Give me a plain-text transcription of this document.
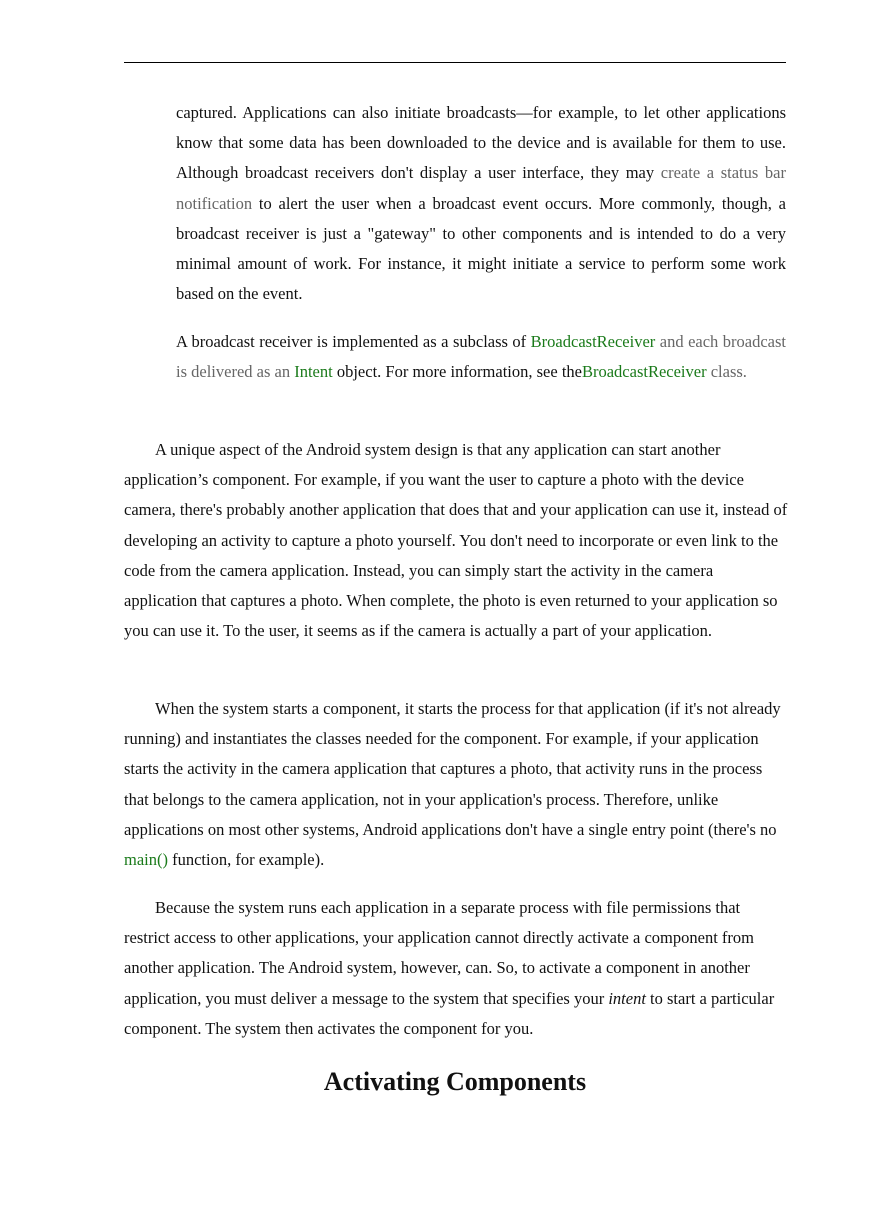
captured. Applications can also initiate broadcasts—for example, to let other applications know that some data has been downloaded to the device and is available for them to use. Although broadcast receivers don't display a user interface, they may create a status bar notification to alert the user when a broadcast event occurs. More commonly, though, a broadcast receiver is just a "gateway" to other components and is intended to do a very minimal amount of work. For instance, it might initiate a service to perform some work based on the event.

A broadcast receiver is implemented as a subclass of BroadcastReceiver and each broadcast is delivered as an Intent object. For more information, see theBroadcastReceiver class.

A unique aspect of the Android system design is that any application can start another application’s component. For example, if you want the user to capture a photo with the device camera, there's probably another application that does that and your application can use it, instead of developing an activity to capture a photo yourself. You don't need to incorporate or even link to the code from the camera application. Instead, you can simply start the activity in the camera application that captures a photo. When complete, the photo is even returned to your application so you can use it. To the user, it seems as if the camera is actually a part of your application.

When the system starts a component, it starts the process for that application (if it's not already running) and instantiates the classes needed for the component. For example, if your application starts the activity in the camera application that captures a photo, that activity runs in the process that belongs to the camera application, not in your application's process. Therefore, unlike applications on most other systems, Android applications don't have a single entry point (there's no main() function, for example).

Because the system runs each application in a separate process with file permissions that restrict access to other applications, your application cannot directly activate a component from another application. The Android system, however, can. So, to activate a component in another application, you must deliver a message to the system that specifies your intent to start a particular component. The system then activates the component for you.

Activating Components
